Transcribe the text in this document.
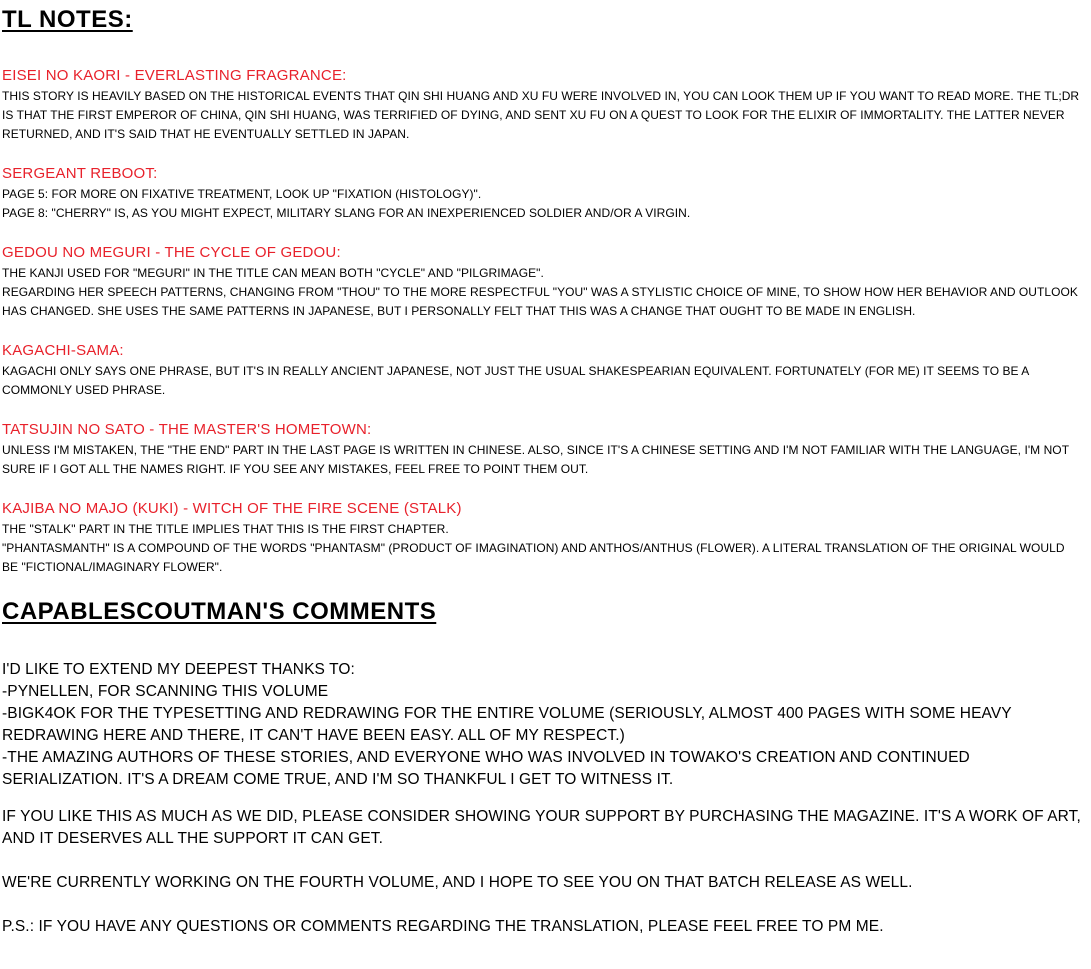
TL NOTES:
EISEI NO KAORI - EVERLASTING FRAGRANCE:

THIS STORY IS HEAVILY BASED ON THE HISTORICAL EVENTS THAT QIN SHI HUANG AND XU FU WERE INVOLVED IN, YOU CAN LOOK THEM UP IF YOU WANT TO READ MORE. THE TL;DR IS THAT THE FIRST EMPEROR OF CHINA, QIN SHI HUANG, WAS TERRIFIED OF DYING, AND SENT XU FU ON A QUEST TO LOOK FOR THE ELIXIR OF IMMORTALITY. THE LATTER NEVER RETURNED, AND IT'S SAID THAT HE EVENTUALLY SETTLED IN JAPAN.

SERGEANT REBOOT:

PAGE 5: FOR MORE ON FIXATIVE TREATMENT, LOOK UP "FIXATION (HISTOLOGY)".

PAGE 8: "CHERRY" IS, AS YOU MIGHT EXPECT, MILITARY SLANG FOR AN INEXPERIENCED SOLDIER AND/OR A VIRGIN.

GEDOU NO MEGURI - THE CYCLE OF GEDOU:

THE KANJI USED FOR "MEGURI" IN THE TITLE CAN MEAN BOTH "CYCLE" AND "PILGRIMAGE".

REGARDING HER SPEECH PATTERNS, CHANGING FROM "THOU" TO THE MORE RESPECTFUL "YOU" WAS A STYLISTIC CHOICE OF MINE, TO SHOW HOW HER BEHAVIOR AND OUTLOOK HAS CHANGED. SHE USES THE SAME PATTERNS IN JAPANESE, BUT I PERSONALLY FELT THAT THIS WAS A CHANGE THAT OUGHT TO BE MADE IN ENGLISH.

KAGACHI-SAMA:

KAGACHI ONLY SAYS ONE PHRASE, BUT IT'S IN REALLY ANCIENT JAPANESE, NOT JUST THE USUAL SHAKESPEARIAN EQUIVALENT. FORTUNATELY (FOR ME) IT SEEMS TO BE A COMMONLY USED PHRASE.

TATSUJIN NO SATO - THE MASTER'S HOMETOWN:

UNLESS I'M MISTAKEN, THE "THE END" PART IN THE LAST PAGE IS WRITTEN IN CHINESE. ALSO, SINCE IT'S A CHINESE SETTING AND I'M NOT FAMILIAR WITH THE LANGUAGE, I'M NOT SURE IF I GOT ALL THE NAMES RIGHT. IF YOU SEE ANY MISTAKES, FEEL FREE TO POINT THEM OUT.

KAJIBA NO MAJO (KUKI) - WITCH OF THE FIRE SCENE (STALK)

THE "STALK" PART IN THE TITLE IMPLIES THAT THIS IS THE FIRST CHAPTER.

"PHANTASMANTH" IS A COMPOUND OF THE WORDS "PHANTASM" (PRODUCT OF IMAGINATION) AND ANTHOS/ANTHUS (FLOWER). A LITERAL TRANSLATION OF THE ORIGINAL WOULD BE "FICTIONAL/IMAGINARY FLOWER".

CAPABLESCOUTMAN'S COMMENTS

I'D LIKE TO EXTEND MY DEEPEST THANKS TO:

-PYNELLEN, FOR SCANNING THIS VOLUME

-BIGK4OK FOR THE TYPESETTING AND REDRAWING FOR THE ENTIRE VOLUME (SERIOUSLY, ALMOST 400 PAGES WITH SOME HEAVY REDRAWING HERE AND THERE, IT CAN'T HAVE BEEN EASY. ALL OF MY RESPECT.)

-THE AMAZING AUTHORS OF THESE STORIES, AND EVERYONE WHO WAS INVOLVED IN TOWAKO'S CREATION AND CONTINUED SERIALIZATION. IT'S A DREAM COME TRUE, AND I'M SO THANKFUL I GET TO WITNESS IT.

IF YOU LIKE THIS AS MUCH AS WE DID, PLEASE CONSIDER SHOWING YOUR SUPPORT BY PURCHASING THE MAGAZINE. IT'S A WORK OF ART, AND IT DESERVES ALL THE SUPPORT IT CAN GET.

WE'RE CURRENTLY WORKING ON THE FOURTH VOLUME, AND I HOPE TO SEE YOU ON THAT BATCH RELEASE AS WELL.

P.S.: IF YOU HAVE ANY QUESTIONS OR COMMENTS REGARDING THE TRANSLATION, PLEASE FEEL FREE TO PM ME.
